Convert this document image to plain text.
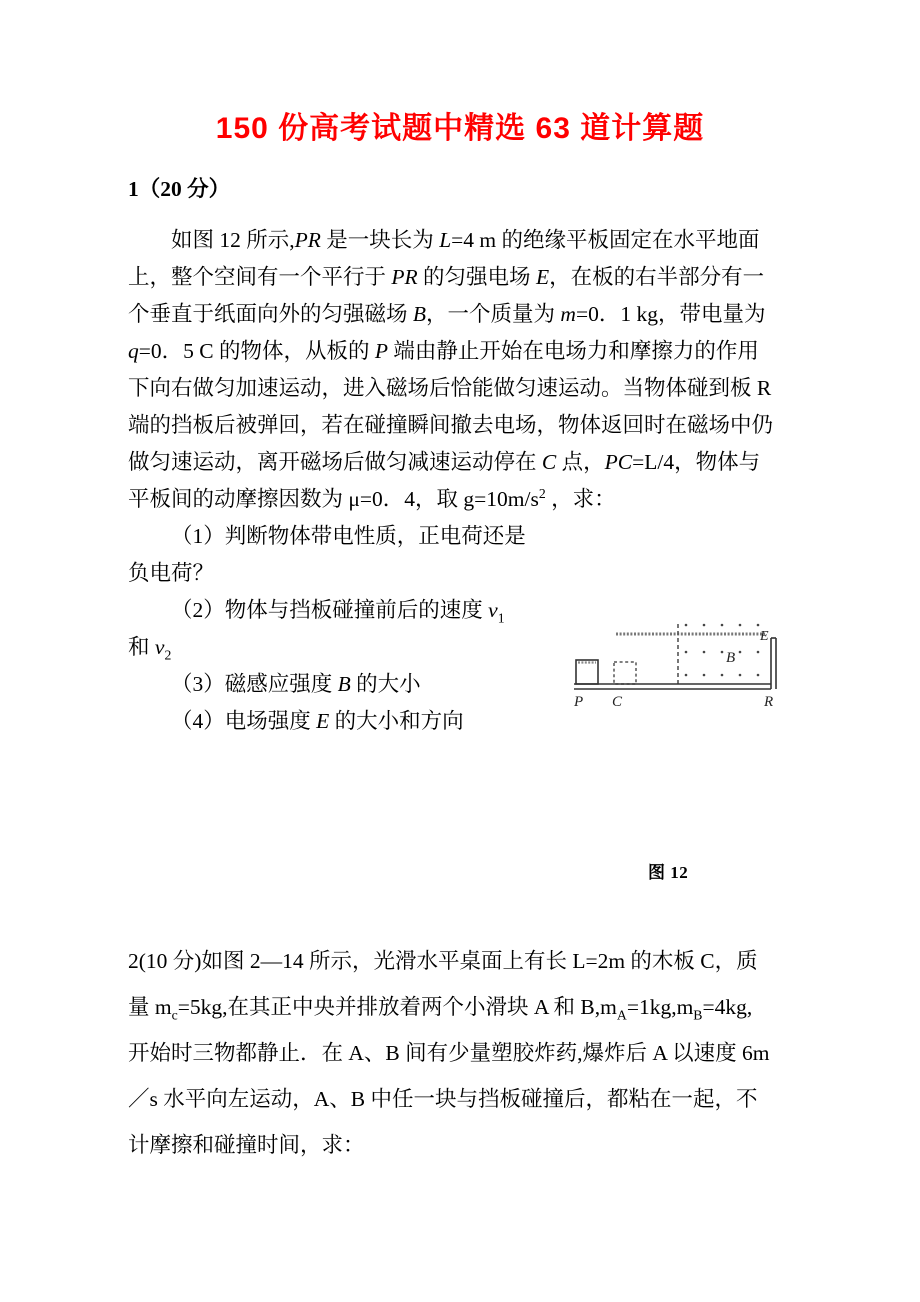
150 份高考试题中精选 63 道计算题

1（20 分）

如图 12 所示,PR 是一块长为 L=4 m 的绝缘平板固定在水平地面

上，整个空间有一个平行于 PR 的匀强电场 E，在板的右半部分有一

个垂直于纸面向外的匀强磁场 B，一个质量为 m=0．1 kg，带电量为

q=0．5 C 的物体，从板的 P 端由静止开始在电场力和摩擦力的作用

下向右做匀加速运动，进入磁场后恰能做匀速运动。当物体碰到板 R

端的挡板后被弹回，若在碰撞瞬间撤去电场，物体返回时在磁场中仍

做匀速运动，离开磁场后做匀减速运动停在 C 点，PC=L/4，物体与

平板间的动摩擦因数为 μ=0．4，取 $g=10m/s^2$ ，求：

（1）判断物体带电性质，正电荷还是

负电荷？

（2）物体与挡板碰撞前后的速度 $v_1$

和 $v_2$

（3）磁感应强度 B 的大小

（4）电场强度 E 的大小和方向

E
B
P C	R
图 12

2(10 分)如图 2—14 所示，光滑水平桌面上有长 L=2m 的木板 C，质

量 $m_c=5kg$,在其正中央并排放着两个小滑块 A 和 $B,m_A=1kg,m_B=4kg$,

开始时三物都静止．在 A、B 间有少量塑胶炸药,爆炸后 A 以速度 6m

／s 水平向左运动，A、B 中任一块与挡板碰撞后，都粘在一起，不

计摩擦和碰撞时间，求：
